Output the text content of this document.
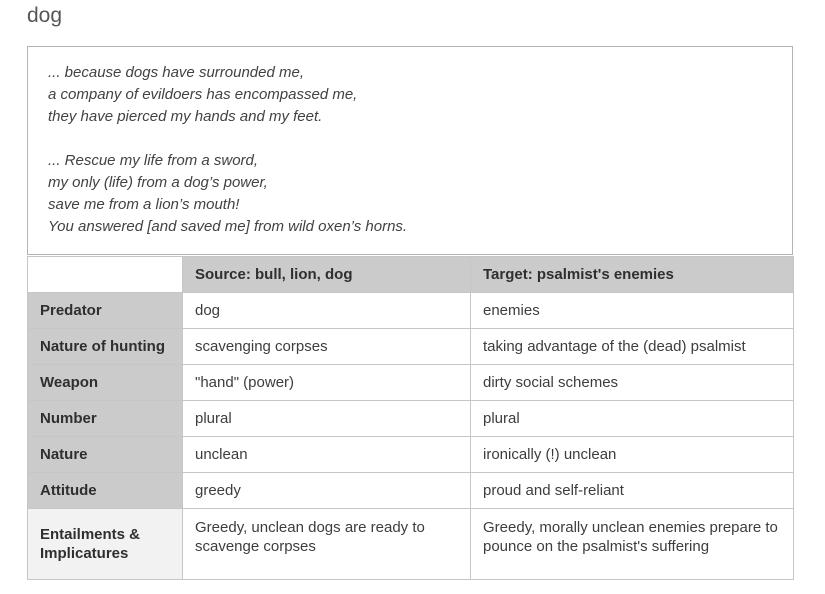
dog
... because dogs have surrounded me,
a company of evildoers has encompassed me,
they have pierced my hands and my feet.
... Rescue my life from a sword,
my only (life) from a dog’s power,
save me from a lion’s mouth!
You answered [and saved me] from wild oxen’s horns.
	Source: bull, lion, dog	Target: psalmist's enemies
Predator	dog	enemies
Nature of hunting	scavenging corpses	taking advantage of the (dead) psalmist
Weapon	"hand" (power)	dirty social schemes
Number	plural	plural
Nature	unclean	ironically (!) unclean
Attitude	greedy	proud and self-reliant
Entailments & Implicatures	Greedy, unclean dogs are ready to scavenge corpses	Greedy, morally unclean enemies prepare to pounce on the psalmist's suffering
